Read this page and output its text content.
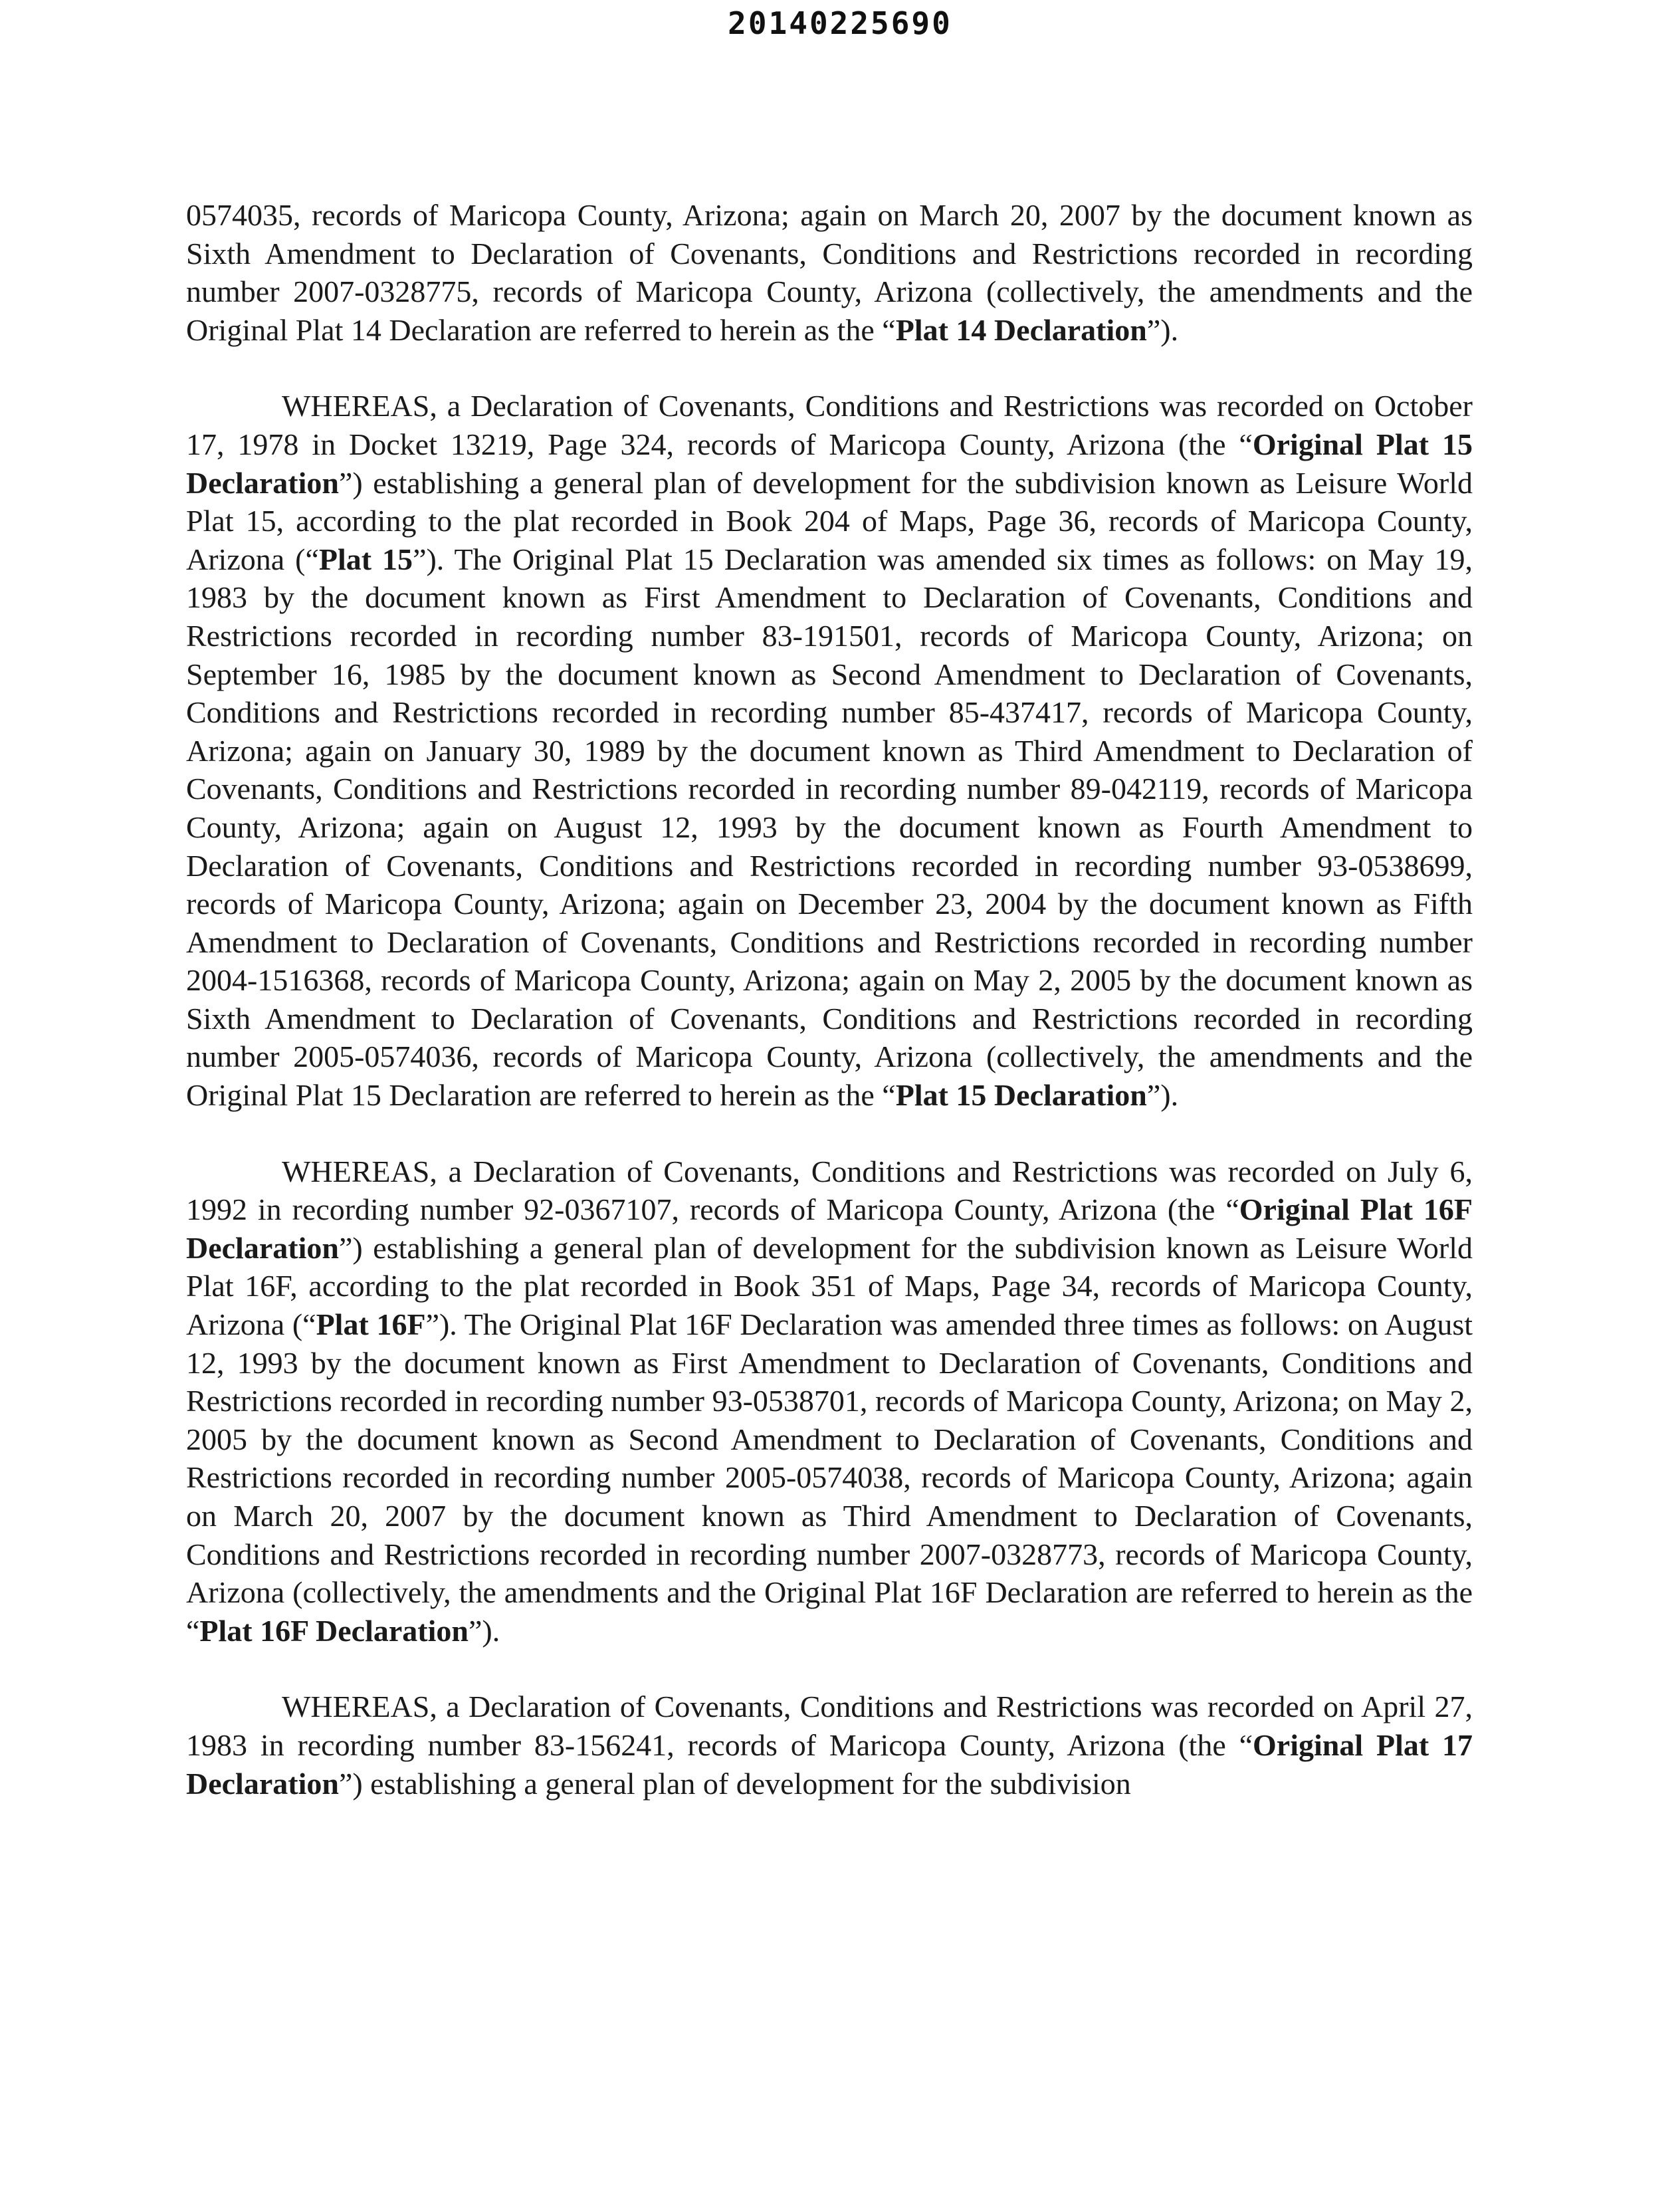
20140225690

0574035, records of Maricopa County, Arizona; again on March 20, 2007 by the document known as Sixth Amendment to Declaration of Covenants, Conditions and Restrictions recorded in recording number 2007-0328775, records of Maricopa County, Arizona (collectively, the amendments and the Original Plat 14 Declaration are referred to herein as the “Plat 14 Declaration”).

WHEREAS, a Declaration of Covenants, Conditions and Restrictions was recorded on October 17, 1978 in Docket 13219, Page 324, records of Maricopa County, Arizona (the “Original Plat 15 Declaration”) establishing a general plan of development for the subdivision known as Leisure World Plat 15, according to the plat recorded in Book 204 of Maps, Page 36, records of Maricopa County, Arizona (“Plat 15”). The Original Plat 15 Declaration was amended six times as follows: on May 19, 1983 by the document known as First Amendment to Declaration of Covenants, Conditions and Restrictions recorded in recording number 83-191501, records of Maricopa County, Arizona; on September 16, 1985 by the document known as Second Amendment to Declaration of Covenants, Conditions and Restrictions recorded in recording number 85-437417, records of Maricopa County, Arizona; again on January 30, 1989 by the document known as Third Amendment to Declaration of Covenants, Conditions and Restrictions recorded in recording number 89-042119, records of Maricopa County, Arizona; again on August 12, 1993 by the document known as Fourth Amendment to Declaration of Covenants, Conditions and Restrictions recorded in recording number 93-0538699, records of Maricopa County, Arizona; again on December 23, 2004 by the document known as Fifth Amendment to Declaration of Covenants, Conditions and Restrictions recorded in recording number 2004-1516368, records of Maricopa County, Arizona; again on May 2, 2005 by the document known as Sixth Amendment to Declaration of Covenants, Conditions and Restrictions recorded in recording number 2005-0574036, records of Maricopa County, Arizona (collectively, the amendments and the Original Plat 15 Declaration are referred to herein as the “Plat 15 Declaration”).

WHEREAS, a Declaration of Covenants, Conditions and Restrictions was recorded on July 6, 1992 in recording number 92-0367107, records of Maricopa County, Arizona (the “Original Plat 16F Declaration”) establishing a general plan of development for the subdivision known as Leisure World Plat 16F, according to the plat recorded in Book 351 of Maps, Page 34, records of Maricopa County, Arizona (“Plat 16F”). The Original Plat 16F Declaration was amended three times as follows: on August 12, 1993 by the document known as First Amendment to Declaration of Covenants, Conditions and Restrictions recorded in recording number 93-0538701, records of Maricopa County, Arizona; on May 2, 2005 by the document known as Second Amendment to Declaration of Covenants, Conditions and Restrictions recorded in recording number 2005-0574038, records of Maricopa County, Arizona; again on March 20, 2007 by the document known as Third Amendment to Declaration of Covenants, Conditions and Restrictions recorded in recording number 2007-0328773, records of Maricopa County, Arizona (collectively, the amendments and the Original Plat 16F Declaration are referred to herein as the “Plat 16F Declaration”).

WHEREAS, a Declaration of Covenants, Conditions and Restrictions was recorded on April 27, 1983 in recording number 83-156241, records of Maricopa County, Arizona (the “Original Plat 17 Declaration”) establishing a general plan of development for the subdivision
